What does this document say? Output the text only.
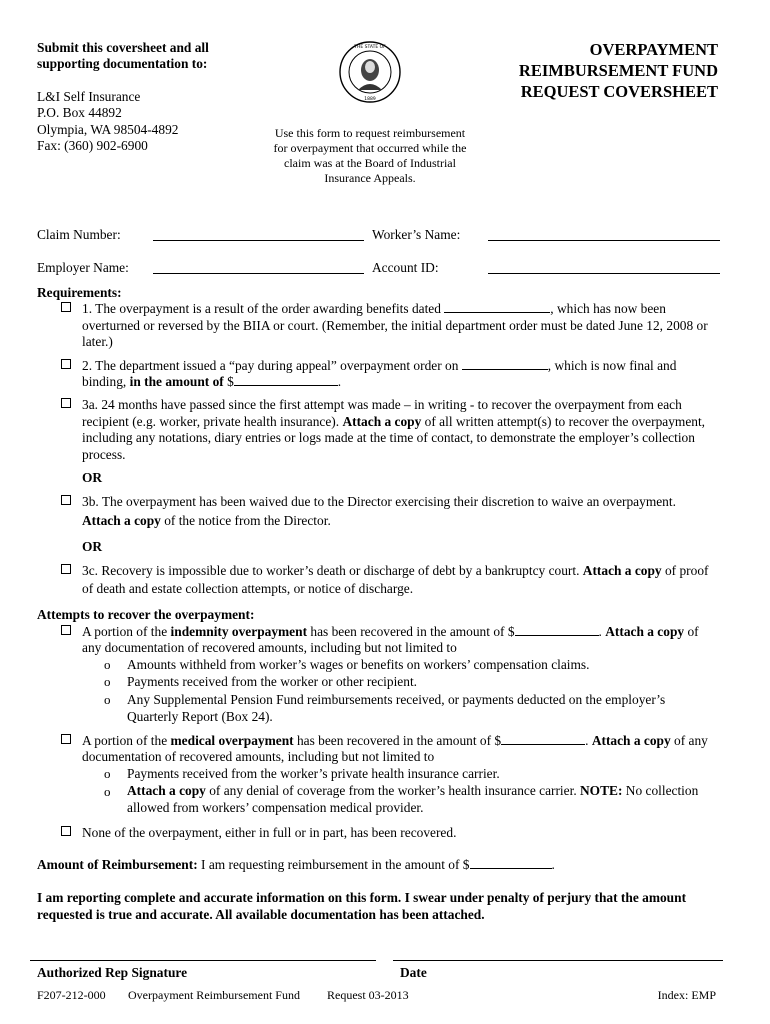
Submit this coversheet and all
supporting documentation to:
L&I Self Insurance
P.O. Box 44892
Olympia, WA 98504-4892
Fax: (360) 902-6900
THE STATE OF
1889
OVERPAYMENT
REIMBURSEMENT FUND
REQUEST COVERSHEET
Use this form to request reimbursement
for overpayment that occurred while the
claim was at the Board of Industrial
Insurance Appeals.
Claim Number:	Worker’s Name:
Employer Name:	Account ID:
Requirements:
1. The overpayment is a result of the order awarding benefits dated	, which has now been
overturned or reversed by the BIIA or court. (Remember, the initial department order must be dated June 12, 2008 or
later.)
2. The department issued a “pay during appeal” overpayment order on	, which is now final and
binding, in the amount of $	.
3a. 24 months have passed since the first attempt was made – in writing - to recover the overpayment from each
recipient (e.g. worker, private health insurance). Attach a copy of all written attempt(s) to recover the overpayment,
including any notations, diary entries or logs made at the time of contact, to demonstrate the employer’s collection
process.
OR
3b. The overpayment has been waived due to the Director exercising their discretion to waive an overpayment.
Attach a copy of the notice from the Director.
OR
3c. Recovery is impossible due to worker’s death or discharge of debt by a bankruptcy court. Attach a copy of proof
of death and estate collection attempts, or notice of discharge.
Attempts to recover the overpayment:
A portion of the indemnity overpayment has been recovered in the amount of $	. Attach a copy of
any documentation of recovered amounts, including but not limited to
o Amounts withheld from worker’s wages or benefits on workers’ compensation claims.
o Payments received from the worker or other recipient.
o Any Supplemental Pension Fund reimbursements received, or payments deducted on the employer’s
Quarterly Report (Box 24).
A portion of the medical overpayment has been recovered in the amount of $	. Attach a copy of any
documentation of recovered amounts, including but not limited to
o Payments received from the worker’s private health insurance carrier.
o Attach a copy of any denial of coverage from the worker’s health insurance carrier. NOTE: No collection
allowed from workers’ compensation medical provider.
None of the overpayment, either in full or in part, has been recovered.
Amount of Reimbursement: I am requesting reimbursement in the amount of $	.
I am reporting complete and accurate information on this form. I swear under penalty of perjury that the amount
requested is true and accurate. All available documentation has been attached.
Authorized Rep Signature	Date
F207-212-000 Overpayment Reimbursement Fund Request 03-2013	Index: EMP
